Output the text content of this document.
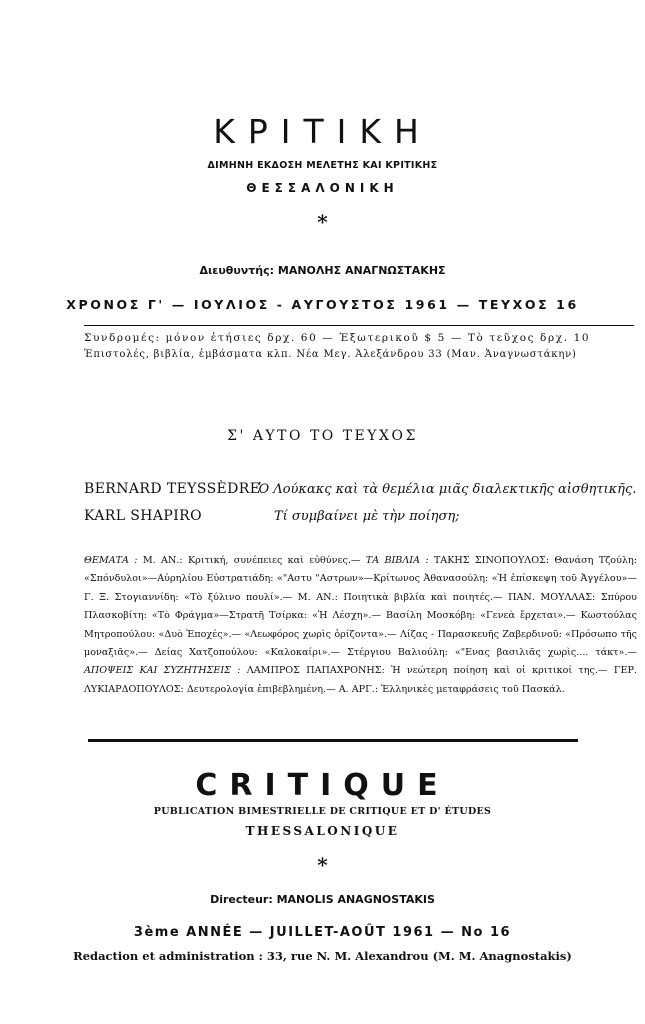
ΚΡΙΤΙΚΗ
ΔΙΜΗΝΗ ΕΚΔΟΣΗ ΜΕΛΕΤΗΣ ΚΑΙ ΚΡΙΤΙΚΗΣ
ΘΕΣΣΑΛΟΝΙΚΗ
*
Διευθυντής: ΜΑΝΟΛΗΣ ΑΝΑΓΝΩΣΤΑΚΗΣ
ΧΡΟΝΟΣ Γ' — ΙΟΥΛΙΟΣ - ΑΥΓΟΥΣΤΟΣ 1961 — ΤΕΥΧΟΣ 16
Συνδρομές: μόνον ἐτήσιες δρχ. 60 — Ἐξωτερικοῦ $ 5 — Τὸ τεῦχος δρχ. 10
Ἐπιστολές, βιβλία, ἐμβάσματα κλπ. Νέα Μεγ. Ἀλεξάνδρου 33 (Μαν. Ἀναγνωστάκην)
Σ' ΑΥΤΟ ΤΟ ΤΕΥΧΟΣ
BERNARD TEYSSÈDRE
Ὁ Λούκακς καὶ τὰ θεμέλια μιᾶς διαλεκτικῆς αἰσθητικῆς.
KARL SHAPIRO	Τί συμβαίνει μὲ τὴν ποίηση;
ΘΕΜΑΤΑ : Μ. ΑΝ.: Κριτική, συνέπειες καὶ εὐθύνες.— ΤΑ ΒΙΒΛΙΑ : ΤΑΚΗΣ ΣΙΝΟΠΟΥΛΟΣ: Θανάση Τζούλη: «Σπόνδυλοι»—Αὐρηλίου Εὐστρατιάδη: «"Αστυ "Αστρων»—Κρίτωνος Ἀθανασούλη: «Ἡ ἐπίσκεψη τοῦ Ἀγγέλου»—Γ. Ξ. Στογιαννίδη: «Τὸ ξύλινο πουλί».— Μ. ΑΝ.: Ποιητικὰ βιβλία καὶ ποιητές.— ΠΑΝ. ΜΟΥΛΛΑΣ: Σπύρου Πλασκοβίτη: «Τὸ Φράγμα»—Στρατῆ Τσίρκα: «Ἡ Λέσχη».— Βασίλη Μοσκόβη: «Γενεὰ ἔρχεται».— Κωστούλας Μητροπούλου: «Δυὸ Ἐποχές».— «Λεωφόρος χωρὶς ὁρίζοντα».— Λίζας - Παρασκευῆς Ζαβερδινοῦ: «Πρόσωπο τῆς μοναξιᾶς».— Δείας Χατζοπούλου: «Καλοκαίρι».— Στέργιου Βαλιούλη: «"Ενας βασιλιᾶς χωρὶς.... τάκτ».— ΑΠΟΨΕΙΣ ΚΑΙ ΣΥΖΗΤΗΣΕΙΣ : ΛΑΜΠΡΟΣ ΠΑΠΑΧΡΟΝΗΣ: Ἡ νεώτερη ποίηση καὶ οἱ κριτικοί της.— ΓΕΡ. ΛΥΚΙΑΡΔΟΠΟΥΛΟΣ: Δευτερολογία ἐπιβεβλημένη.— Α. ΑΡΓ.: Ἑλληνικὲς μεταφράσεις τοῦ Πασκάλ.
CRITIQUE
PUBLICATION BIMESTRIELLE DE CRITIQUE ET D' ÉTUDES
THESSALONIQUE
*
Directeur: MANOLIS ANAGNOSTAKIS
3ème ANNÉE — JUILLET-AOÛT 1961 — No 16
Redaction et administration : 33, rue N. M. Alexandrou (M. M. Anagnostakis)
